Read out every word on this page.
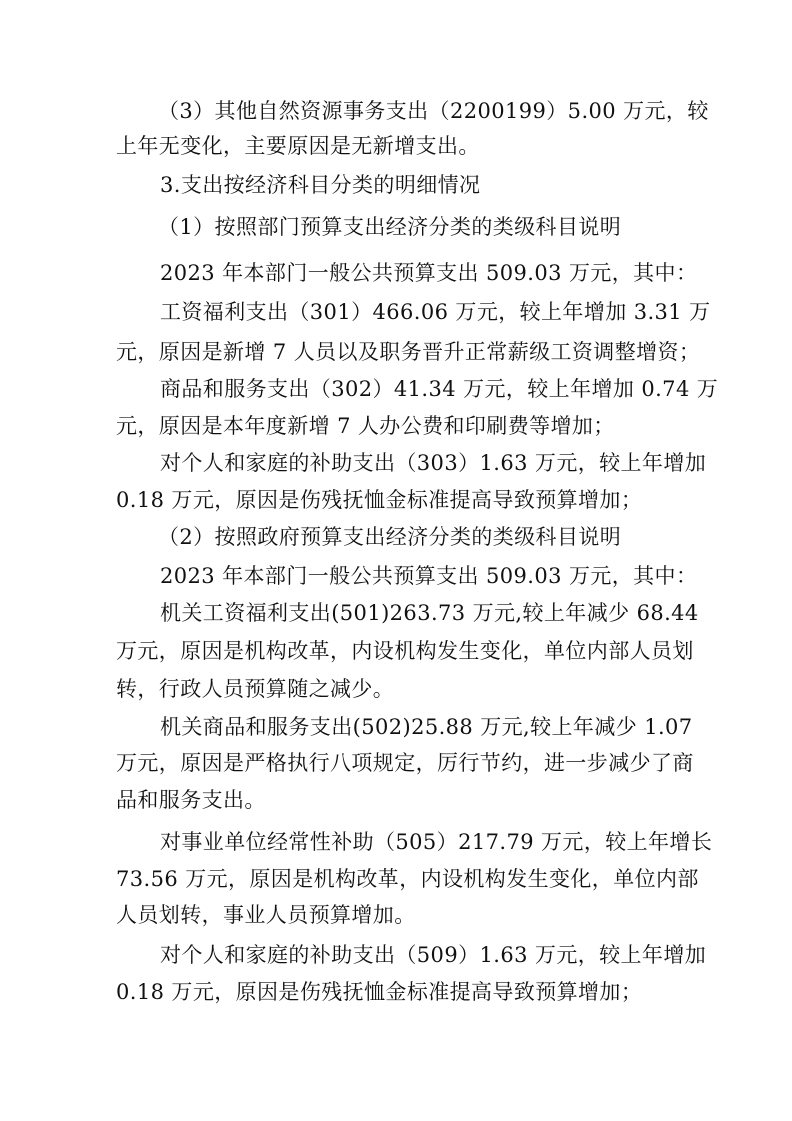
（3）其他自然资源事务支出（2200199）5.00 万元，较
上年无变化，主要原因是无新增支出。
3.支出按经济科目分类的明细情况
（1）按照部门预算支出经济分类的类级科目说明
2023 年本部门一般公共预算支出 509.03 万元，其中：
工资福利支出（301）466.06 万元，较上年增加 3.31 万
元，原因是新增 7 人员以及职务晋升正常薪级工资调整增资；
商品和服务支出（302）41.34 万元，较上年增加 0.74 万
元，原因是本年度新增 7 人办公费和印刷费等增加；
对个人和家庭的补助支出（303）1.63 万元，较上年增加
0.18 万元，原因是伤残抚恤金标准提高导致预算增加；
（2）按照政府预算支出经济分类的类级科目说明
2023 年本部门一般公共预算支出 509.03 万元，其中：
机关工资福利支出(501)263.73 万元,较上年减少 68.44
万元，原因是机构改革，内设机构发生变化，单位内部人员划
转，行政人员预算随之减少。
机关商品和服务支出(502)25.88 万元,较上年减少 1.07
万元，原因是严格执行八项规定，厉行节约，进一步减少了商
品和服务支出。
对事业单位经常性补助（505）217.79 万元，较上年增长
73.56 万元，原因是机构改革，内设机构发生变化，单位内部
人员划转，事业人员预算增加。
对个人和家庭的补助支出（509）1.63 万元，较上年增加
0.18 万元，原因是伤残抚恤金标准提高导致预算增加；
